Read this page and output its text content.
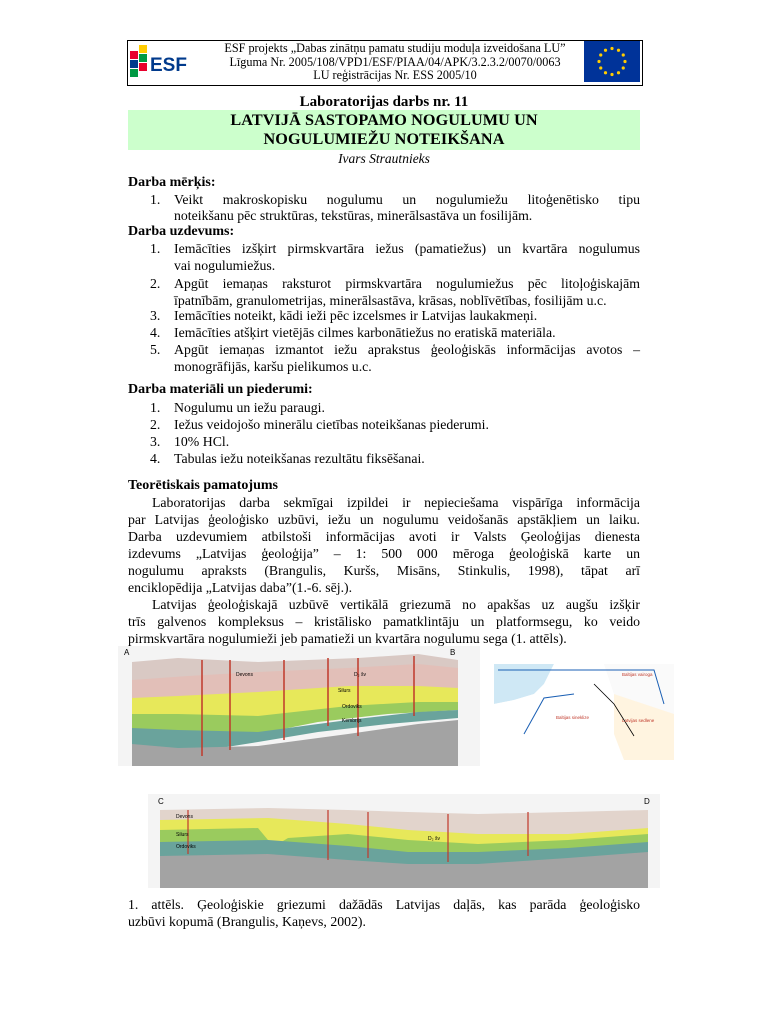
ESF
ESF projekts „Dabas zinātņu pamatu studiju moduļa izveidošana LU”
Līguma Nr. 2005/108/VPD1/ESF/PIAA/04/APK/3.2.3.2/0070/0063
LU reģistrācijas Nr. ESS 2005/10
Laboratorijas darbs nr. 11
LATVIJĀ SASTOPAMO NOGULUMU UN
NOGULUMIEŽU NOTEIKŠANA
Ivars Strautnieks
Darba mērķis:
1. Veikt makroskopisku nogulumu un nogulumiežu litoģenētisko tipu
noteikšanu pēc struktūras, tekstūras, minerālsastāva un fosilijām.
Darba uzdevums:
1. Iemācīties izšķirt pirmskvartāra iežus (pamatiežus) un kvartāra nogulumus
vai nogulumiežus.
2. Apgūt iemaņas raksturot pirmskvartāra nogulumiežus pēc litoļoģiskajām
īpatnībām, granulometrijas, minerālsastāva, krāsas, noblīvētības, fosilijām u.c.
3. Iemācīties noteikt, kādi ieži pēc izcelsmes ir Latvijas laukakmeņi.
4. Iemācīties atšķirt vietējās cilmes karbonātiežus no eratiskā materiāla.
5. Apgūt iemaņas izmantot iežu aprakstus ģeoloģiskās informācijas avotos –
monogrāfijās, karšu pielikumos u.c.
Darba materiāli un piederumi:
1. Nogulumu un iežu paraugi.
2. Iežus veidojošo minerālu cietības noteikšanas piederumi.
3. 10% HCl.
4. Tabulas iežu noteikšanas rezultātu fiksēšanai.
Teorētiskais pamatojums
Laboratorijas darba sekmīgai izpildei ir nepieciešama vispārīga informācija
par Latvijas ģeoloģisko uzbūvi, iežu un nogulumu veidošanās apstākļiem un laiku.
Darba uzdevumiem atbilstoši informācijas avoti ir Valsts Ģeoloģijas dienesta
izdevums „Latvijas ģeoloģija” – 1: 500 000 mēroga ģeoloģiskā karte un
nogulumu apraksts (Brangulis, Kuršs, Misāns, Stinkulis, 1998), tāpat arī
enciklopēdija „Latvijas daba”(1.-6. sēj.).
Latvijas ģeoloģiskajā uzbūvē vertikālā griezumā no apakšas uz augšu izšķir
trīs galvenos kompleksus – kristālisko pamatklintāju un platformsegu, ko veido
pirmskvartāra nogulumieži jeb pamatieži un kvartāra nogulumu sega (1. attēls).
A	B
Devons
Silurs
Ordoviks
Kembrijs
D₂ šv	Baltijas vairoga
Baltijas sineklize
Latvijas sedlene
C	D
Devons
Silurs
Ordoviks
D₂ šv
1. attēls. Ģeoloģiskie griezumi dažādās Latvijas daļās, kas parāda ģeoloģisko
uzbūvi kopumā (Brangulis, Kaņevs, 2002).
